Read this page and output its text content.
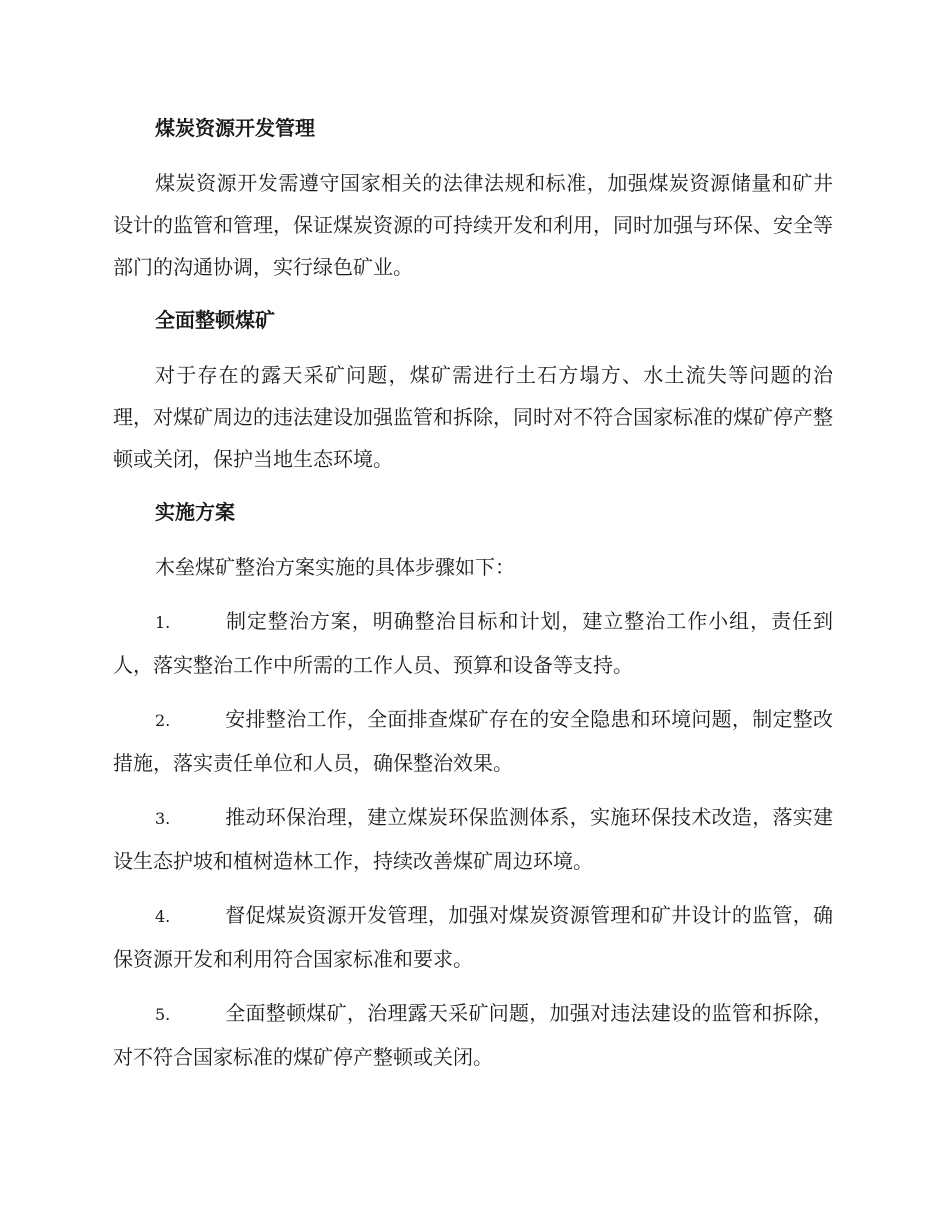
煤炭资源开发管理

煤炭资源开发需遵守国家相关的法律法规和标准，加强煤炭资源储量和矿井设计的监管和管理，保证煤炭资源的可持续开发和利用，同时加强与环保、安全等部门的沟通协调，实行绿色矿业。

全面整顿煤矿

对于存在的露天采矿问题，煤矿需进行土石方塌方、水土流失等问题的治理，对煤矿周边的违法建设加强监管和拆除，同时对不符合国家标准的煤矿停产整顿或关闭，保护当地生态环境。

实施方案

木垒煤矿整治方案实施的具体步骤如下：

1.	制定整治方案，明确整治目标和计划，建立整治工作小组，责任到人，落实整治工作中所需的工作人员、预算和设备等支持。
2.	安排整治工作，全面排查煤矿存在的安全隐患和环境问题，制定整改措施，落实责任单位和人员，确保整治效果。
3.	推动环保治理，建立煤炭环保监测体系，实施环保技术改造，落实建设生态护坡和植树造林工作，持续改善煤矿周边环境。
4.	督促煤炭资源开发管理，加强对煤炭资源管理和矿井设计的监管，确保资源开发和利用符合国家标准和要求。
5.	全面整顿煤矿，治理露天采矿问题，加强对违法建设的监管和拆除，对不符合国家标准的煤矿停产整顿或关闭。
